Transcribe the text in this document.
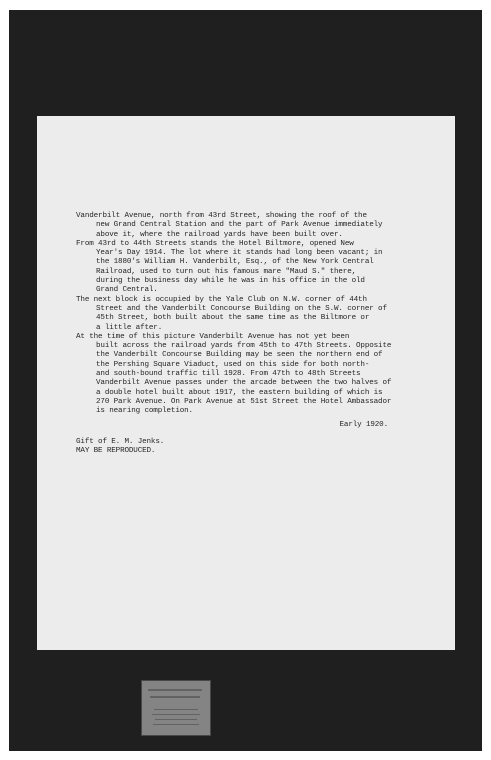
Vanderbilt Avenue, north from 43rd Street, showing the roof of the
new Grand Central Station and the part of Park Avenue immediately
above it, where the railroad yards have been built over.
From 43rd to 44th Streets stands the Hotel Biltmore, opened New
Year's Day 1914. The lot where it stands had long been vacant; in
the 1880's William H. Vanderbilt, Esq., of the New York Central
Railroad, used to turn out his famous mare "Maud S." there,
during the business day while he was in his office in the old
Grand Central.
The next block is occupied by the Yale Club on N.W. corner of 44th
Street and the Vanderbilt Concourse Building on the S.W. corner of
45th Street, both built about the same time as the Biltmore or
a little after.
At the time of this picture Vanderbilt Avenue has not yet been
built across the railroad yards from 45th to 47th Streets. Opposite
the Vanderbilt Concourse Building may be seen the northern end of
the Pershing Square Viaduct, used on this side for both north-
and south-bound traffic till 1928. From 47th to 48th Streets
Vanderbilt Avenue passes under the arcade between the two halves of
a double hotel built about 1917, the eastern building of which is
270 Park Avenue. On Park Avenue at 51st Street the Hotel Ambassador
is nearing completion.
Early 1920.
Gift of E. M. Jenks.
MAY BE REPRODUCED.
